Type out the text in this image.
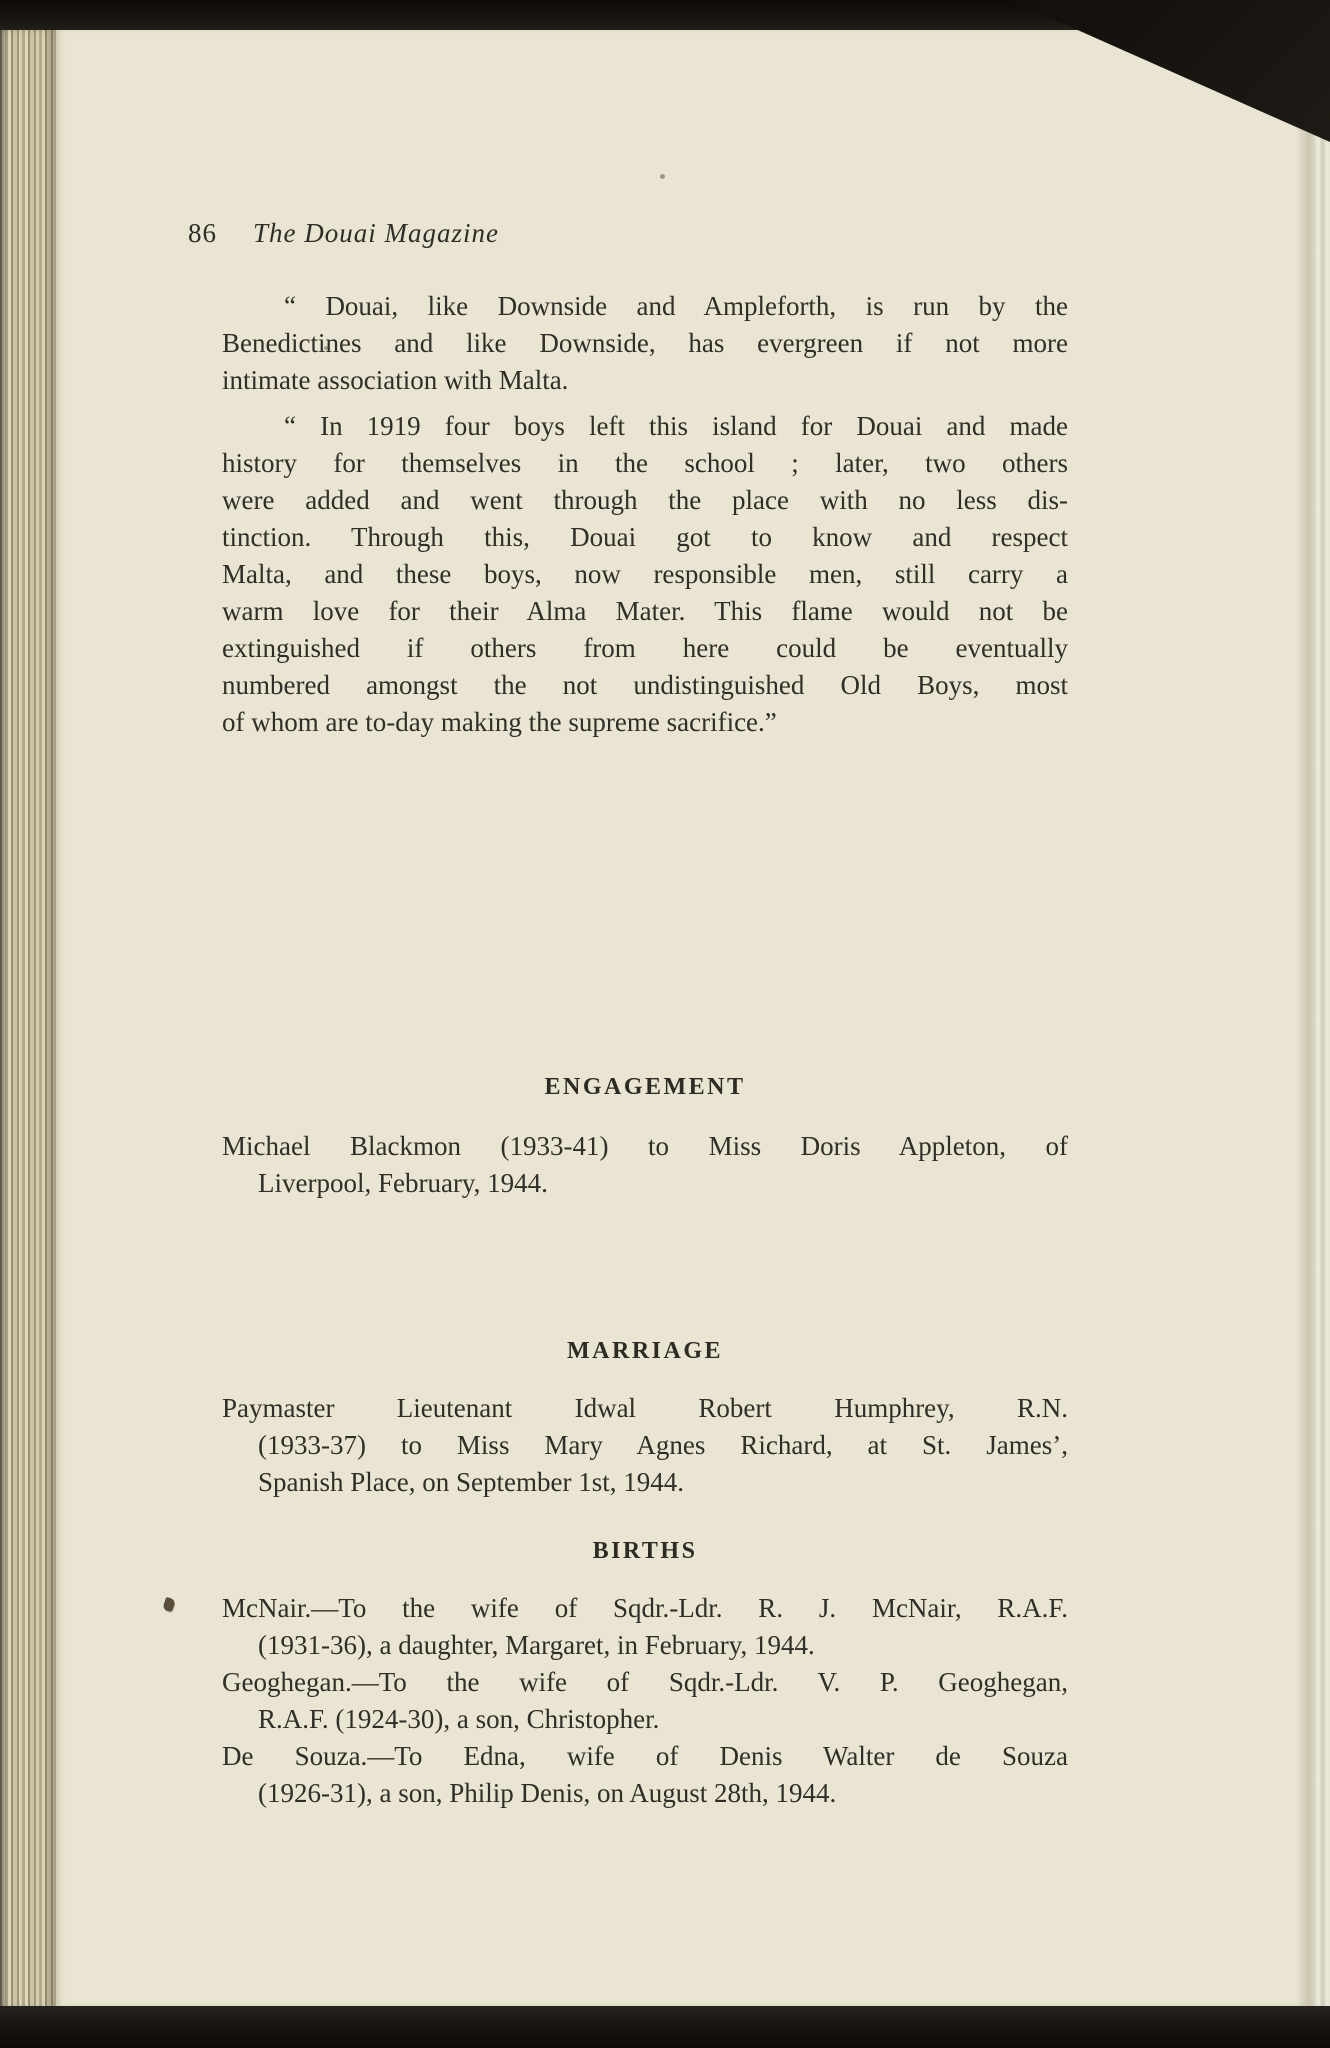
86 The Douai Magazine
“ Douai, like Downside and Ampleforth, is run by the
Benedictines and like Downside, has evergreen if not more
intimate association with Malta.
“ In 1919 four boys left this island for Douai and made
history for themselves in the school ; later, two others
were added and went through the place with no less dis-
tinction. Through this, Douai got to know and respect
Malta, and these boys, now responsible men, still carry a
warm love for their Alma Mater. This flame would not be
extinguished if others from here could be eventually
numbered amongst the not undistinguished Old Boys, most
of whom are to-day making the supreme sacrifice.”
ENGAGEMENT
Michael Blackmon (1933-41) to Miss Doris Appleton, of
Liverpool, February, 1944.
MARRIAGE
Paymaster Lieutenant Idwal Robert Humphrey, R.N.
(1933-37) to Miss Mary Agnes Richard, at St. James’,
Spanish Place, on September 1st, 1944.
BIRTHS
McNair.—To the wife of Sqdr.-Ldr. R. J. McNair, R.A.F.
(1931-36), a daughter, Margaret, in February, 1944.
Geoghegan.—To the wife of Sqdr.-Ldr. V. P. Geoghegan,
R.A.F. (1924-30), a son, Christopher.
De Souza.—To Edna, wife of Denis Walter de Souza
(1926-31), a son, Philip Denis, on August 28th, 1944.
